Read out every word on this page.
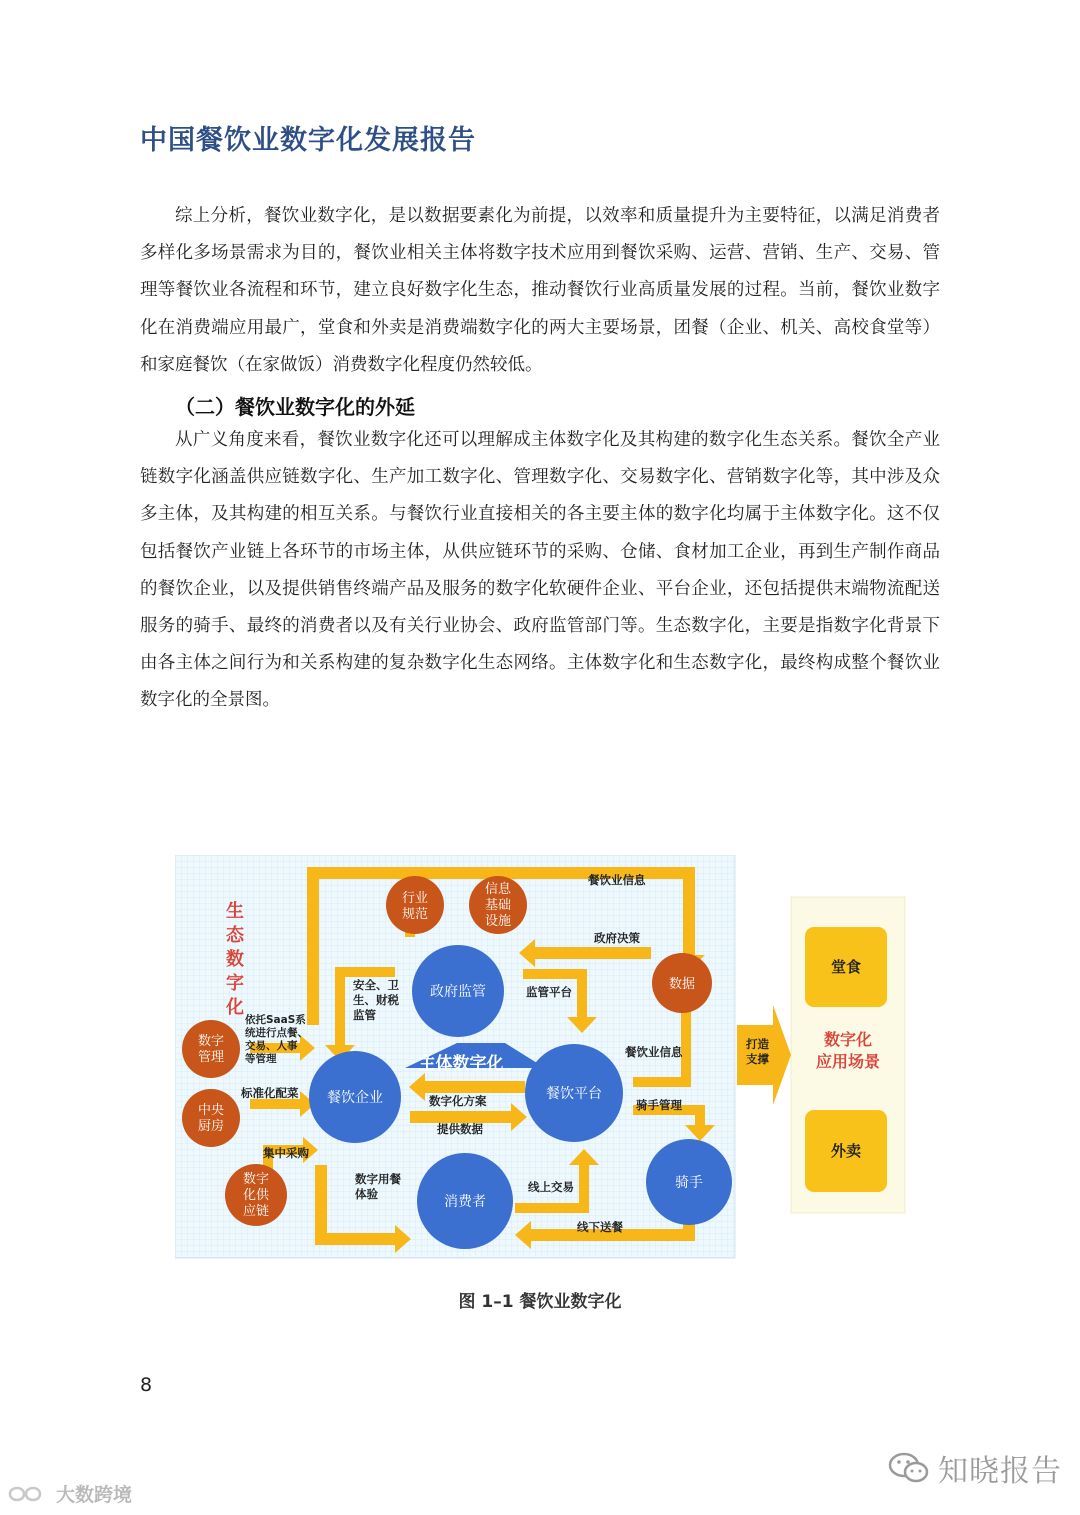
中国餐饮业数字化发展报告

综上分析，餐饮业数字化，是以数据要素化为前提，以效率和质量提升为主要特征，以满足消费者多样化多场景需求为目的，餐饮业相关主体将数字技术应用到餐饮采购、运营、营销、生产、交易、管理等餐饮业各流程和环节，建立良好数字化生态，推动餐饮行业高质量发展的过程。当前，餐饮业数字化在消费端应用最广，堂食和外卖是消费端数字化的两大主要场景，团餐（企业、机关、高校食堂等）和家庭餐饮（在家做饭）消费数字化程度仍然较低。

（二）餐饮业数字化的外延

从广义角度来看，餐饮业数字化还可以理解成主体数字化及其构建的数字化生态关系。餐饮全产业链数字化涵盖供应链数字化、生产加工数字化、管理数字化、交易数字化、营销数字化等，其中涉及众多主体，及其构建的相互关系。与餐饮行业直接相关的各主要主体的数字化均属于主体数字化。这不仅包括餐饮产业链上各环节的市场主体，从供应链环节的采购、仓储、食材加工企业，再到生产制作商品的餐饮企业，以及提供销售终端产品及服务的数字化软硬件企业、平台企业，还包括提供末端物流配送服务的骑手、最终的消费者以及有关行业协会、政府监管部门等。生态数字化，主要是指数字化背景下由各主体之间行为和关系构建的复杂数字化生态网络。主体数字化和生态数字化，最终构成整个餐饮业数字化的全景图。

主体数字化
政府监管
餐饮企业	餐饮平台
消费者
骑手
数据
行业
规范
信息
基础
设施
数字
管理
中央
厨房
数字
化供
应链
生
态
数
字
化
餐饮业信息
政府决策
安全、卫
生、财税
监管
监管平台
依托SaaS系
统进行点餐、
交易、人事
等管理	餐饮业信息
标准化配菜
数字化方案
提供数据
骑手管理
集中采购
数字用餐
体验	线上交易
线下送餐
打造
支撑
堂食
数字化
应用场景
外卖
图 1–1 餐饮业数字化
8
知晓报告
大数跨境
